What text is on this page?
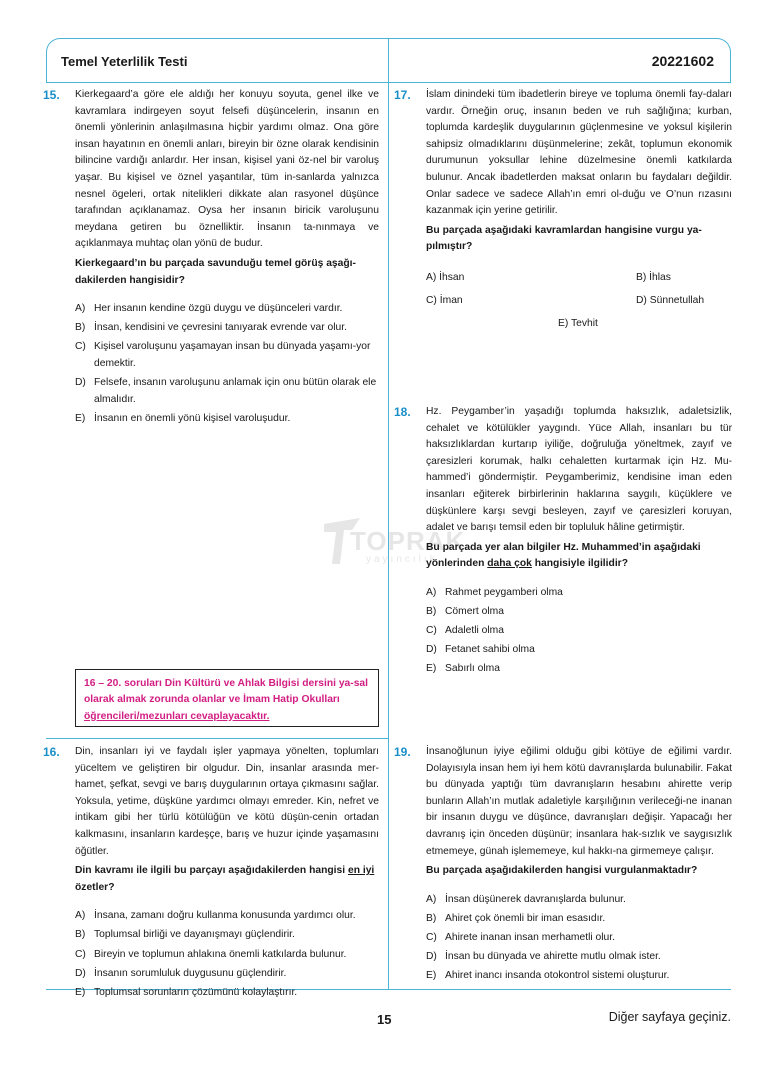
Temel Yeterlilik Testi	20221602
TOPRAK
yayıncılık
15. Kierkegaard’a göre ele aldığı her konuyu soyuta, genel ilke ve kavramlara indirgeyen soyut felsefi düşüncelerin, insanın en önemli yönlerinin anlaşılmasına hiçbir yardımı olmaz. Ona göre insan hayatının en önemli anları, bireyin bir özne olarak kendisinin bilincine vardığı anlardır. Her insan, kişisel yani öz-nel bir varoluş yaşar. Bu kişisel ve öznel yaşantılar, tüm in-sanlarda yalnızca nesnel ögeleri, ortak nitelikleri dikkate alan rasyonel düşünce tarafından açıklanamaz. Oysa her insanın biricik varoluşunu meydana getiren bu öznelliktir. İnsanın ta-nınmaya ve açıklanmaya muhtaç olan yönü de budur.
Kierkegaard’ın bu parçada savunduğu temel görüş aşağı-dakilerden hangisidir?
A) Her insanın kendine özgü duygu ve düşünceleri vardır.
B) İnsan, kendisini ve çevresini tanıyarak evrende var olur.
C) Kişisel varoluşunu yaşamayan insan bu dünyada yaşamı-yor demektir.
D) Felsefe, insanın varoluşunu anlamak için onu bütün olarak ele almalıdır.
E) İnsanın en önemli yönü kişisel varoluşudur.
16 – 20. soruları Din Kültürü ve Ahlak Bilgisi dersini ya-sal olarak almak zorunda olanlar ve İmam Hatip Okulları öğrencileri/mezunları cevaplayacaktır.
16. Din, insanları iyi ve faydalı işler yapmaya yönelten, toplumları yüceltem ve geliştiren bir olgudur. Din, insanlar arasında mer-hamet, şefkat, sevgi ve barış duygularının ortaya çıkmasını sağlar. Yoksula, yetime, düşküne yardımcı olmayı emreder. Kin, nefret ve intikam gibi her türlü kötülüğün ve kötü düşün-cenin ortadan kalkmasını, insanların kardeşçe, barış ve huzur içinde yaşamasını öğütler.
Din kavramı ile ilgili bu parçayı aşağıdakilerden hangisi en iyi özetler?
A) İnsana, zamanı doğru kullanma konusunda yardımcı olur.
B) Toplumsal birliği ve dayanışmayı güçlendirir.
C) Bireyin ve toplumun ahlakına önemli katkılarda bulunur.
D) İnsanın sorumluluk duygusunu güçlendirir.
E) Toplumsal sorunların çözümünü kolaylaştırır.
17. İslam dinindeki tüm ibadetlerin bireye ve topluma önemli fay-daları vardır. Örneğin oruç, insanın beden ve ruh sağlığına; kurban, toplumda kardeşlik duygularının güçlenmesine ve yoksul kişilerin sahipsiz olmadıklarını düşünmelerine; zekât, toplumun ekonomik durumunun yoksullar lehine düzelmesine önemli katkılarda bulunur. Ancak ibadetlerden maksat onların bu faydaları değildir. Onlar sadece ve sadece Allah’ın emri ol-duğu ve O’nun rızasını kazanmak için yerine getirilir.
Bu parçada aşağıdaki kavramlardan hangisine vurgu ya-pılmıştır?
A) İhsan	B) İhlas
C) İman	D) Sünnetullah
E) Tevhit
18. Hz. Peygamber’in yaşadığı toplumda haksızlık, adaletsizlik, cehalet ve kötülükler yaygındı. Yüce Allah, insanları bu tür haksızlıklardan kurtarıp iyiliğe, doğruluğa yöneltmek, zayıf ve çaresizleri korumak, halkı cehaletten kurtarmak için Hz. Mu-hammed’i göndermiştir. Peygamberimiz, kendisine iman eden insanları eğiterek birbirlerinin haklarına saygılı, küçüklere ve düşkünlere karşı sevgi besleyen, zayıf ve çaresizleri koruyan, adalet ve barışı temsil eden bir topluluk hâline getirmiştir.
Bu parçada yer alan bilgiler Hz. Muhammed’in aşağıdaki yönlerinden daha çok hangisiyle ilgilidir?
A) Rahmet peygamberi olma
B) Cömert olma
C) Adaletli olma
D) Fetanet sahibi olma
E) Sabırlı olma
19. İnsanoğlunun iyiye eğilimi olduğu gibi kötüye de eğilimi vardır. Dolayısıyla insan hem iyi hem kötü davranışlarda bulunabilir. Fakat bu dünyada yaptığı tüm davranışların hesabını ahirette verip bunların Allah’ın mutlak adaletiyle karşılığının verileceği-ne inanan bir insanın duygu ve düşünce, davranışları değişir. Yapacağı her davranış için önceden düşünür; insanlara hak-sızlık ve saygısızlık etmemeye, günah işlememeye, kul hakkı-na girmemeye çalışır.
Bu parçada aşağıdakilerden hangisi vurgulanmaktadır?
A) İnsan düşünerek davranışlarda bulunur.
B) Ahiret çok önemli bir iman esasıdır.
C) Ahirete inanan insan merhametli olur.
D) İnsan bu dünyada ve ahirette mutlu olmak ister.
E) Ahiret inancı insanda otokontrol sistemi oluşturur.
15	Diğer sayfaya geçiniz.
